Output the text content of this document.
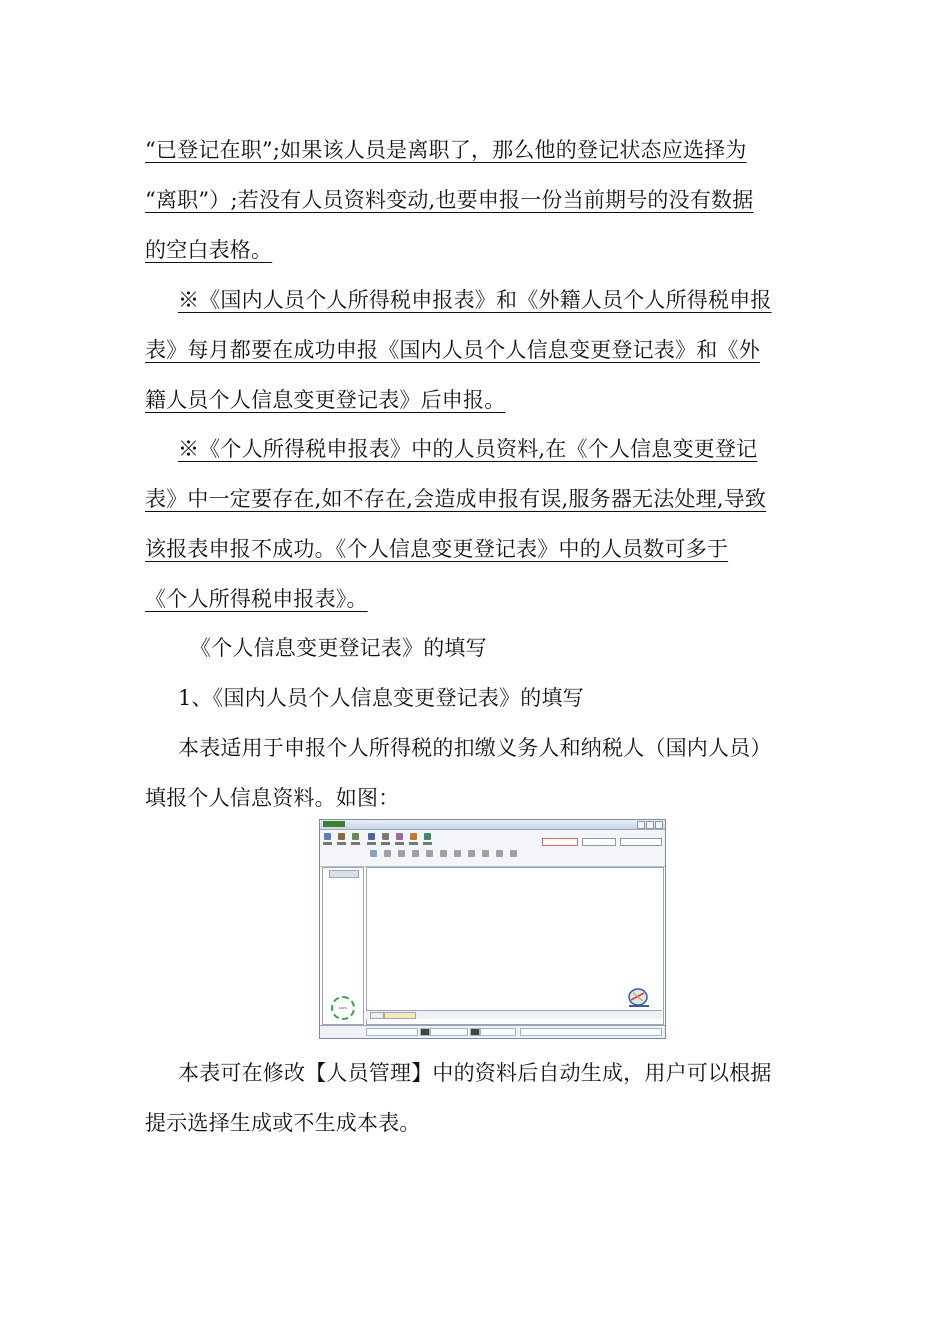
“已登记在职”;如果该人员是离职了，那么他的登记状态应选择为
“离职”）;若没有人员资料变动,也要申报一份当前期号的没有数据
的空白表格。
※《国内人员个人所得税申报表》和《外籍人员个人所得税申报
表》每月都要在成功申报《国内人员个人信息变更登记表》和《外
籍人员个人信息变更登记表》后申报。
※《个人所得税申报表》中的人员资料,在《个人信息变更登记
表》中一定要存在,如不存在,会造成申报有误,服务器无法处理,导致
该报表申报不成功。《个人信息变更登记表》中的人员数可多于
《个人所得税申报表》。
《个人信息变更登记表》的填写
1、《国内人员个人信息变更登记表》的填写
本表适用于申报个人所得税的扣缴义务人和纳税人（国内人员）
填报个人信息资料。如图：
100%
本表可在修改【人员管理】中的资料后自动生成，用户可以根据
提示选择生成或不生成本表。
